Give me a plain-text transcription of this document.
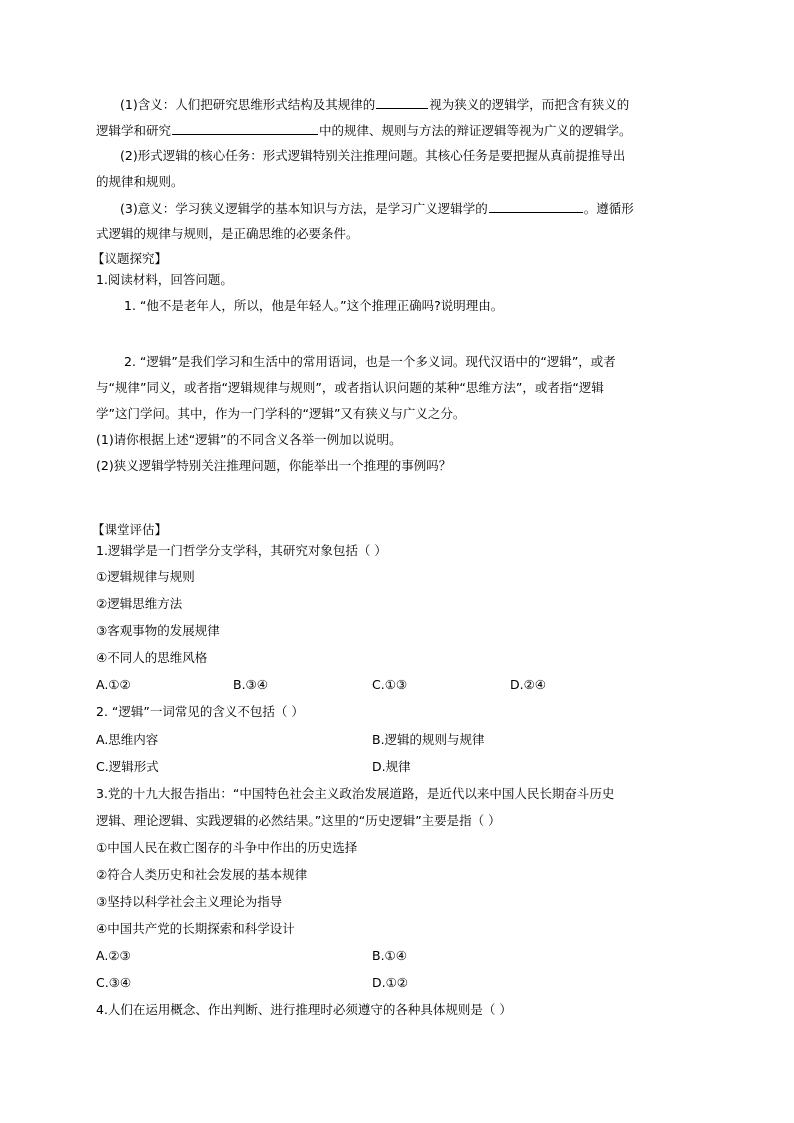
(1)含义：人们把研究思维形式结构及其规律的	视为狭义的逻辑学，而把含有狭义的
逻辑学和研究	中的规律、规则与方法的辩证逻辑等视为广义的逻辑学。
(2)形式逻辑的核心任务：形式逻辑特别关注推理问题。其核心任务是要把握从真前提推导出
的规律和规则。
(3)意义：学习狭义逻辑学的基本知识与方法，是学习广义逻辑学的	。遵循形
式逻辑的规律与规则，是正确思维的必要条件。
【议题探究】
1.阅读材料，回答问题。
1. “他不是老年人，所以，他是年轻人。”这个推理正确吗?说明理由。
2. “逻辑”是我们学习和生活中的常用语词，也是一个多义词。现代汉语中的“逻辑”，或者
与“规律”同义，或者指“逻辑规律与规则”，或者指认识问题的某种“思维方法”，或者指“逻辑
学”这门学问。其中，作为一门学科的“逻辑”又有狭义与广义之分。
(1)请你根据上述“逻辑”的不同含义各举一例加以说明。
(2)狭义逻辑学特别关注推理问题，你能举出一个推理的事例吗？
【课堂评估】
1.逻辑学是一门哲学分支学科，其研究对象包括（ ）
①逻辑规律与规则
②逻辑思维方法
③客观事物的发展规律
④不同人的思维风格
A.①②	B.③④	C.①③	D.②④
2. “逻辑”一词常见的含义不包括（ ）
A.思维内容	B.逻辑的规则与规律
C.逻辑形式	D.规律
3.党的十九大报告指出：“中国特色社会主义政治发展道路，是近代以来中国人民长期奋斗历史
逻辑、理论逻辑、实践逻辑的必然结果。”这里的“历史逻辑”主要是指（ ）
①中国人民在救亡图存的斗争中作出的历史选择
②符合人类历史和社会发展的基本规律
③坚持以科学社会主义理论为指导
④中国共产党的长期探索和科学设计
A.②③	B.①④
C.③④	D.①②
4.人们在运用概念、作出判断、进行推理时必须遵守的各种具体规则是（ ）
